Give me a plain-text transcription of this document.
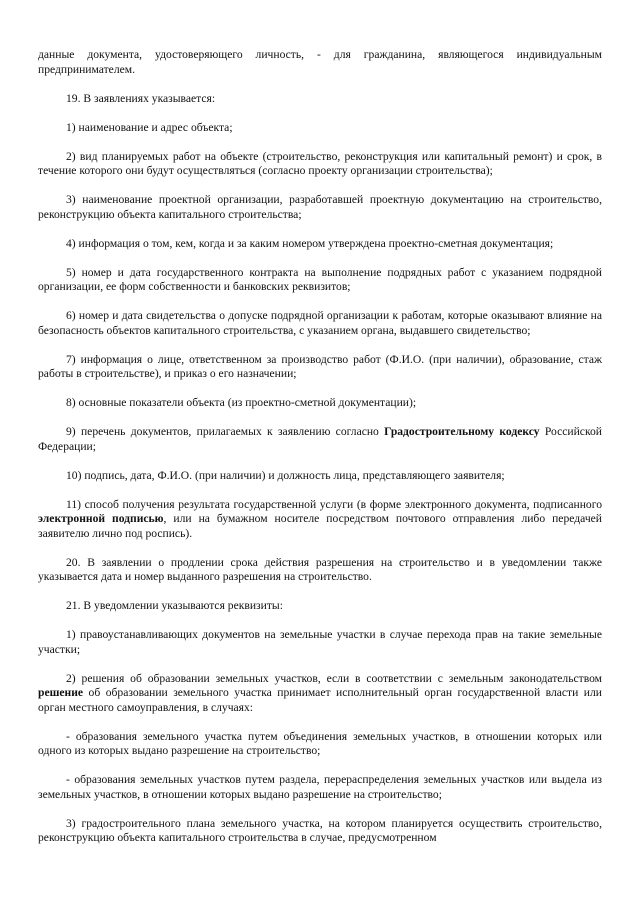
данные документа, удостоверяющего личность, - для гражданина, являющегося индивидуальным предпринимателем.

19. В заявлениях указывается:

1) наименование и адрес объекта;

2) вид планируемых работ на объекте (строительство, реконструкция или капитальный ремонт) и срок, в течение которого они будут осуществляться (согласно проекту организации строительства);

3) наименование проектной организации, разработавшей проектную документацию на строительство, реконструкцию объекта капитального строительства;

4) информация о том, кем, когда и за каким номером утверждена проектно-сметная документация;

5) номер и дата государственного контракта на выполнение подрядных работ с указанием подрядной организации, ее форм собственности и банковских реквизитов;

6) номер и дата свидетельства о допуске подрядной организации к работам, которые оказывают влияние на безопасность объектов капитального строительства, с указанием органа, выдавшего свидетельство;

7) информация о лице, ответственном за производство работ (Ф.И.О. (при наличии), образование, стаж работы в строительстве), и приказ о его назначении;

8) основные показатели объекта (из проектно-сметной документации);

9) перечень документов, прилагаемых к заявлению согласно Градостроительному кодексу Российской Федерации;

10) подпись, дата, Ф.И.О. (при наличии) и должность лица, представляющего заявителя;

11) способ получения результата государственной услуги (в форме электронного документа, подписанного электронной подписью, или на бумажном носителе посредством почтового отправления либо передачей заявителю лично под роспись).

20. В заявлении о продлении срока действия разрешения на строительство и в уведомлении также указывается дата и номер выданного разрешения на строительство.

21. В уведомлении указываются реквизиты:

1) правоустанавливающих документов на земельные участки в случае перехода прав на такие земельные участки;

2) решения об образовании земельных участков, если в соответствии с земельным законодательством решение об образовании земельного участка принимает исполнительный орган государственной власти или орган местного самоуправления, в случаях:

- образования земельного участка путем объединения земельных участков, в отношении которых или одного из которых выдано разрешение на строительство;

- образования земельных участков путем раздела, перераспределения земельных участков или выдела из земельных участков, в отношении которых выдано разрешение на строительство;

3) градостроительного плана земельного участка, на котором планируется осуществить строительство, реконструкцию объекта капитального строительства в случае, предусмотренном
